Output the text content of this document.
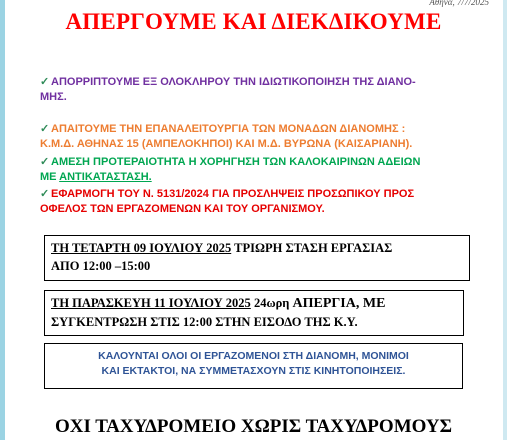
Αθήνα, 7/7/2025
ΑΠΕΡΓΟΥΜΕ ΚΑΙ ΔΙΕΚΔΙΚΟΥΜΕ
✓ ΑΠΟΡΡΙΠΤΟΥΜΕ ΕΞ ΟΛΟΚΛΗΡΟΥ ΤΗΝ ΙΔΙΩΤΙΚΟΠΟΙΗΣΗ ΤΗΣ ΔΙΑΝΟ-
ΜΗΣ.
✓ ΑΠΑΙΤΟΥΜΕ ΤΗΝ ΕΠΑΝΑΛΕΙΤΟΥΡΓΙΑ ΤΩΝ ΜΟΝΑΔΩΝ ΔΙΑΝΟΜΗΣ :
Κ.Μ.Δ. ΑΘΗΝΑΣ 15 (ΑΜΠΕΛΟΚΗΠΟΙ) ΚΑΙ Μ.Δ. ΒΥΡΩΝΑ (ΚΑΙΣΑΡΙΑΝΗ).
✓ ΑΜΕΣΗ ΠΡΟΤΕΡΑΙΟΤΗΤΑ Η ΧΟΡΗΓΗΣΗ ΤΩΝ ΚΑΛΟΚΑΙΡΙΝΩΝ ΑΔΕΙΩΝ
ΜΕ ΑΝΤΙΚΑΤΑΣΤΑΣΗ.
✓ ΕΦΑΡΜΟΓΗ ΤΟΥ Ν. 5131/2024 ΓΙΑ ΠΡΟΣΛΗΨΕΙΣ ΠΡΟΣΩΠΙΚΟΥ ΠΡΟΣ
ΟΦΕΛΟΣ ΤΩΝ ΕΡΓΑΖΟΜΕΝΩΝ ΚΑΙ ΤΟΥ ΟΡΓΑΝΙΣΜΟΥ.
ΤΗ ΤΕΤΑΡΤΗ 09 ΙΟΥΛΙΟΥ 2025 ΤΡΙΩΡΗ ΣΤΑΣΗ ΕΡΓΑΣΙΑΣ
ΑΠΟ 12:00 –15:00
ΤΗ ΠΑΡΑΣΚΕΥΗ 11 ΙΟΥΛΙΟΥ 2025 24ωρη ΑΠΕΡΓΙΑ, ΜΕ
ΣΥΓΚΕΝΤΡΩΣΗ ΣΤΙΣ 12:00 ΣΤΗΝ ΕΙΣΟΔΟ ΤΗΣ Κ.Υ.
ΚΑΛΟΥΝΤΑΙ ΟΛΟΙ ΟΙ ΕΡΓΑΖΟΜΕΝΟΙ ΣΤΗ ΔΙΑΝΟΜΗ, ΜΟΝΙΜΟΙ
ΚΑΙ ΕΚΤΑΚΤΟΙ, ΝΑ ΣΥΜΜΕΤΑΣΧΟΥΝ ΣΤΙΣ ΚΙΝΗΤΟΠΟΙΗΣΕΙΣ.
ΟΧΙ ΤΑΧΥΔΡΟΜΕΙΟ ΧΩΡΙΣ ΤΑΧΥΔΡΟΜΟΥΣ
